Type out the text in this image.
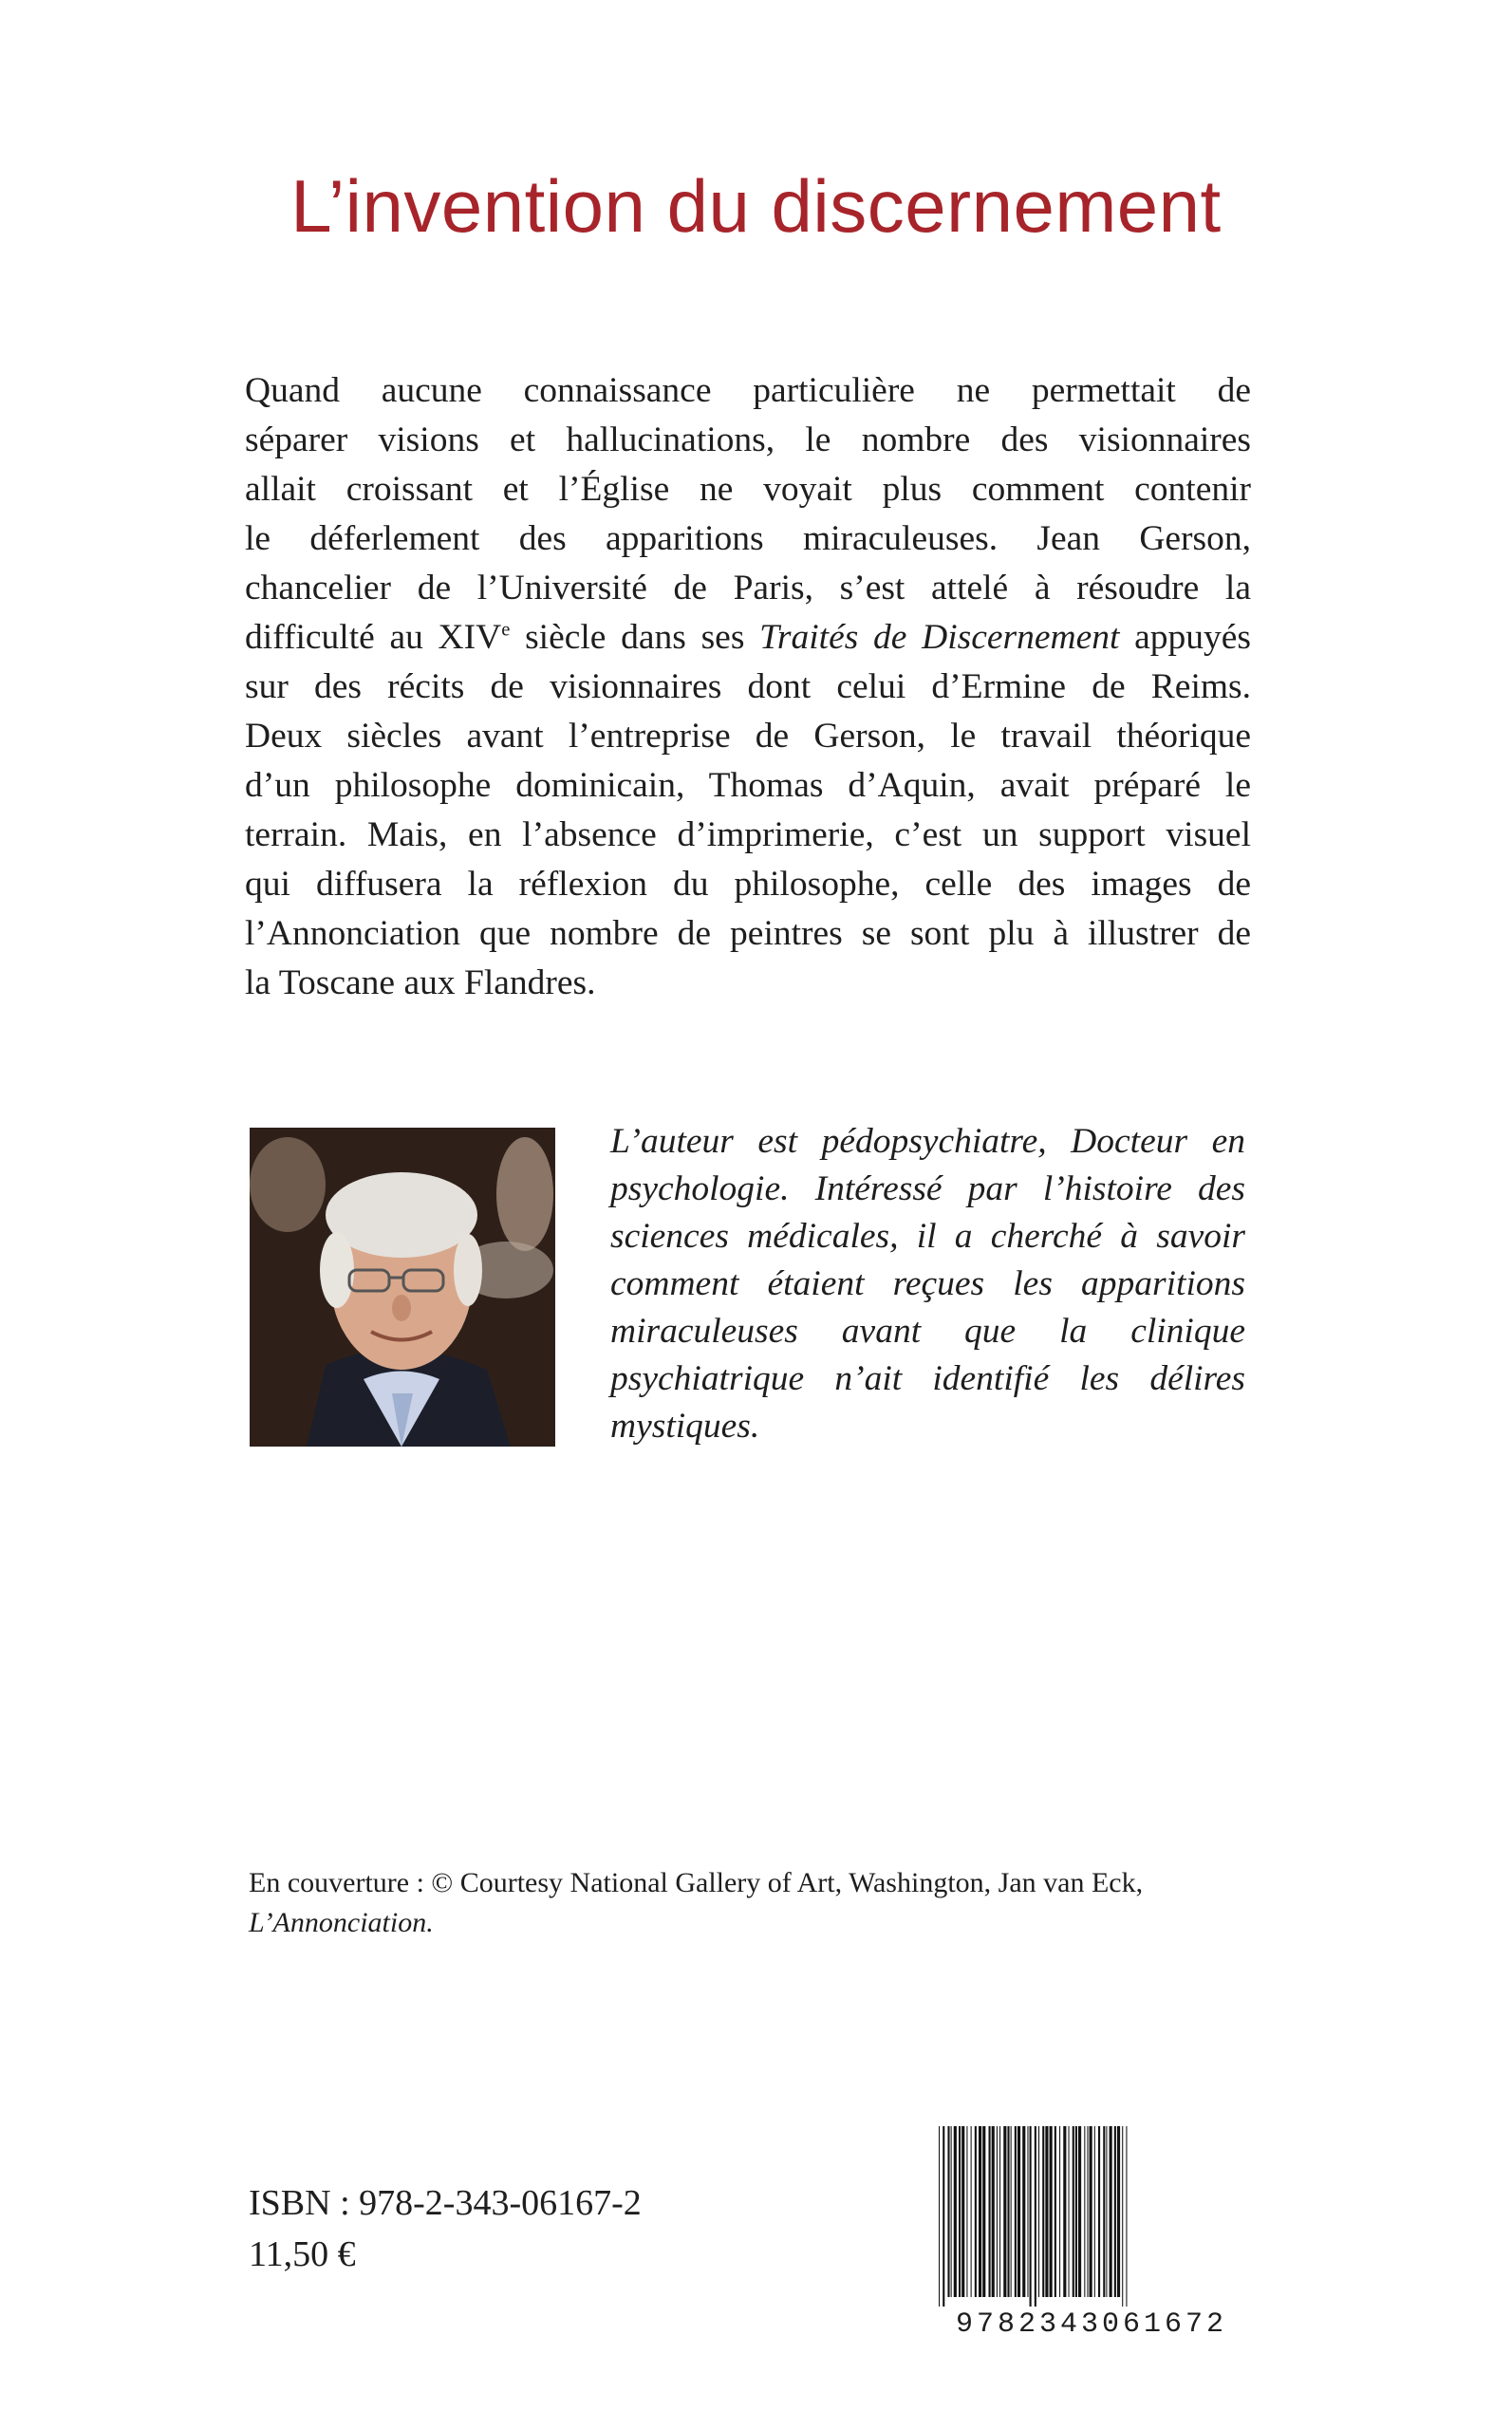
L’invention du discernement
Quand aucune connaissance particulière ne permettait de
séparer visions et hallucinations, le nombre des visionnaires
allait croissant et l’Église ne voyait plus comment contenir
le déferlement des apparitions miraculeuses. Jean Gerson,
chancelier de l’Université de Paris, s’est attelé à résoudre la
difficulté au XIVe siècle dans ses Traités de Discernement appuyés
sur des récits de visionnaires dont celui d’Ermine de Reims.
Deux siècles avant l’entreprise de Gerson, le travail théorique
d’un philosophe dominicain, Thomas d’Aquin, avait préparé le
terrain. Mais, en l’absence d’imprimerie, c’est un support visuel
qui diffusera la réflexion du philosophe, celle des images de
l’Annonciation que nombre de peintres se sont plu à illustrer de
la Toscane aux Flandres.
L’auteur est pédopsychiatre, Docteur en
psychologie. Intéressé par l’histoire des
sciences médicales, il a cherché à savoir
comment étaient reçues les apparitions
miraculeuses avant que la clinique
psychiatrique n’ait identifié les délires
mystiques.
En couverture : © Courtesy National Gallery of Art, Washington, Jan van Eck,
L’Annonciation.

ISBN : 978-2-343-06167-2

11,50 €

9782343061672
